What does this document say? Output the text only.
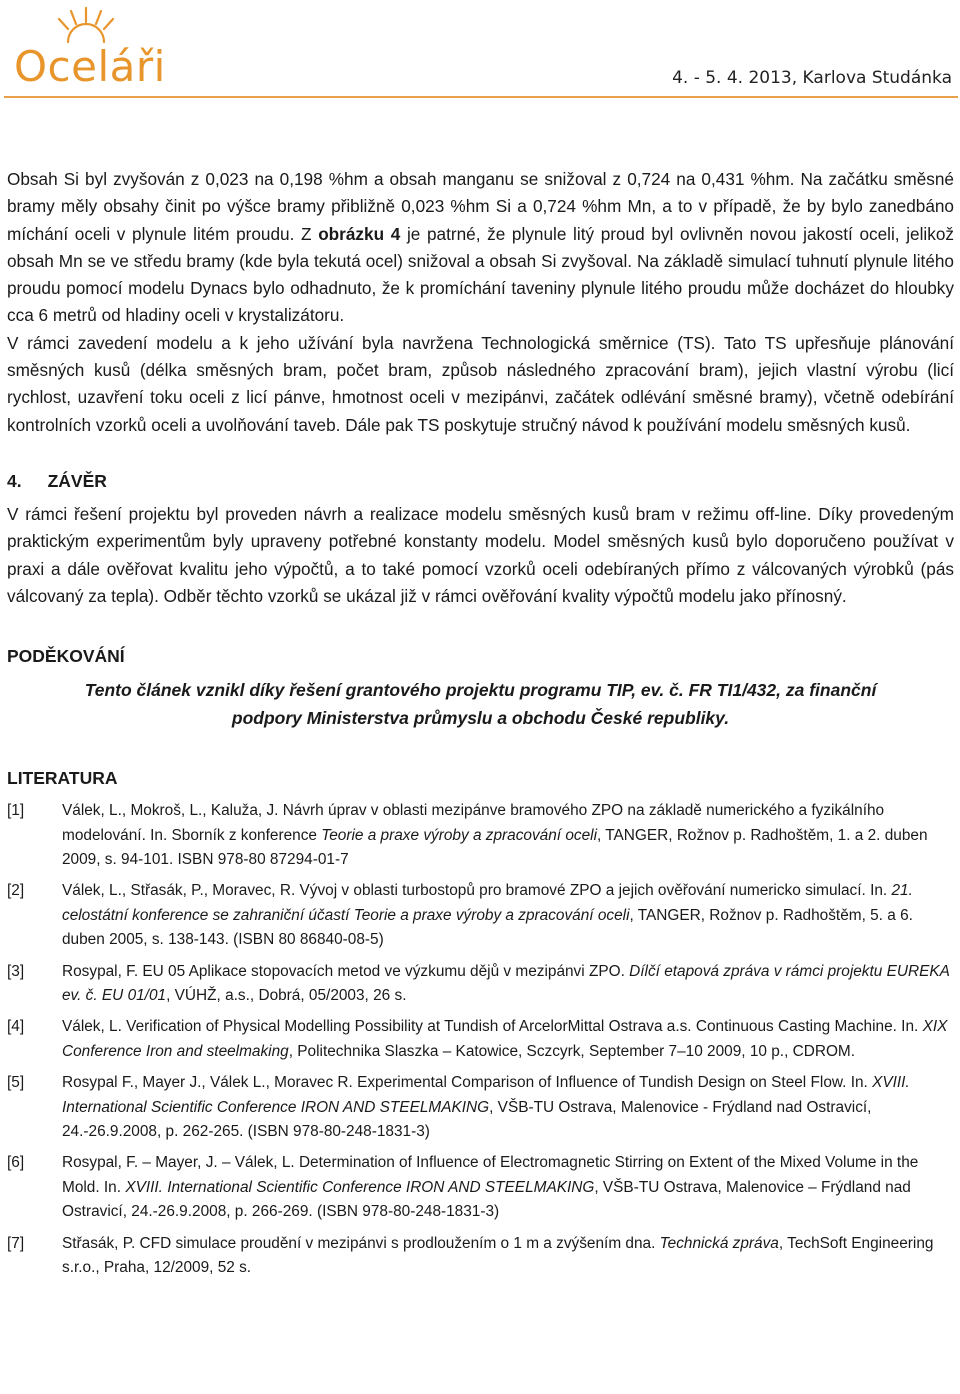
Oceláři	4. - 5. 4. 2013, Karlova Studánka

Obsah Si byl zvyšován z 0,023 na 0,198 %hm a obsah manganu se snižoval z 0,724 na 0,431 %hm. Na začátku směsné bramy měly obsahy činit po výšce bramy přibližně 0,023 %hm Si a 0,724 %hm Mn, a to v případě, že by bylo zanedbáno míchání oceli v plynule litém proudu. Z obrázku 4 je patrné, že plynule litý proud byl ovlivněn novou jakostí oceli, jelikož obsah Mn se ve středu bramy (kde byla tekutá ocel) snižoval a obsah Si zvyšoval. Na základě simulací tuhnutí plynule litého proudu pomocí modelu Dynacs bylo odhadnuto, že k promíchání taveniny plynule litého proudu může docházet do hloubky cca 6 metrů od hladiny oceli v krystalizátoru.

V rámci zavedení modelu a k jeho užívání byla navržena Technologická směrnice (TS). Tato TS upřesňuje plánování směsných kusů (délka směsných bram, počet bram, způsob následného zpracování bram), jejich vlastní výrobu (licí rychlost, uzavření toku oceli z licí pánve, hmotnost oceli v mezipánvi, začátek odlévání směsné bramy), včetně odebírání kontrolních vzorků oceli a uvolňování taveb. Dále pak TS poskytuje stručný návod k používání modelu směsných kusů.

4. ZÁVĚR

V rámci řešení projektu byl proveden návrh a realizace modelu směsných kusů bram v režimu off-line. Díky provedeným praktickým experimentům byly upraveny potřebné konstanty modelu. Model směsných kusů bylo doporučeno používat v praxi a dále ověřovat kvalitu jeho výpočtů, a to také pomocí vzorků oceli odebíraných přímo z válcovaných výrobků (pás válcovaný za tepla). Odběr těchto vzorků se ukázal již v rámci ověřování kvality výpočtů modelu jako přínosný.

PODĚKOVÁNÍ

Tento článek vznikl díky řešení grantového projektu programu TIP, ev. č. FR TI1/432, za finanční
podpory Ministerstva průmyslu a obchodu České republiky.

LITERATURA

[1]	Válek, L., Mokroš, L., Kaluža, J. Návrh úprav v oblasti mezipánve bramového ZPO na základě numerického a fyzikálního modelování. In. Sborník z konference Teorie a praxe výroby a zpracování oceli, TANGER, Rožnov p. Radhoštěm, 1. a 2. duben 2009, s. 94-101. ISBN 978-80 87294-01-7
[2]	Válek, L., Střasák, P., Moravec, R. Vývoj v oblasti turbostopů pro bramové ZPO a jejich ověřování numericko simulací. In. 21. celostátní konference se zahraniční účastí Teorie a praxe výroby a zpracování oceli, TANGER, Rožnov p. Radhoštěm, 5. a 6. duben 2005, s. 138-143. (ISBN 80 86840-08-5)
[3]	Rosypal, F. EU 05 Aplikace stopovacích metod ve výzkumu dějů v mezipánvi ZPO. Dílčí etapová zpráva v rámci projektu EUREKA ev. č. EU 01/01, VÚHŽ, a.s., Dobrá, 05/2003, 26 s.
[4]	Válek, L. Verification of Physical Modelling Possibility at Tundish of ArcelorMittal Ostrava a.s. Continuous Casting Machine. In. XIX Conference Iron and steelmaking, Politechnika Slaszka – Katowice, Sczcyrk, September 7–10 2009, 10 p., CDROM.
[5]	Rosypal F., Mayer J., Válek L., Moravec R. Experimental Comparison of Influence of Tundish Design on Steel Flow. In. XVIII. International Scientific Conference IRON AND STEELMAKING, VŠB-TU Ostrava, Malenovice - Frýdland nad Ostravicí, 24.-26.9.2008, p. 262-265. (ISBN 978-80-248-1831-3)
[6]	Rosypal, F. – Mayer, J. – Válek, L. Determination of Influence of Electromagnetic Stirring on Extent of the Mixed Volume in the Mold. In. XVIII. International Scientific Conference IRON AND STEELMAKING, VŠB-TU Ostrava, Malenovice – Frýdland nad Ostravicí, 24.-26.9.2008, p. 266-269. (ISBN 978-80-248-1831-3)
[7]	Střasák, P. CFD simulace proudění v mezipánvi s prodloužením o 1 m a zvýšením dna. Technická zpráva, TechSoft Engineering s.r.o., Praha, 12/2009, 52 s.
